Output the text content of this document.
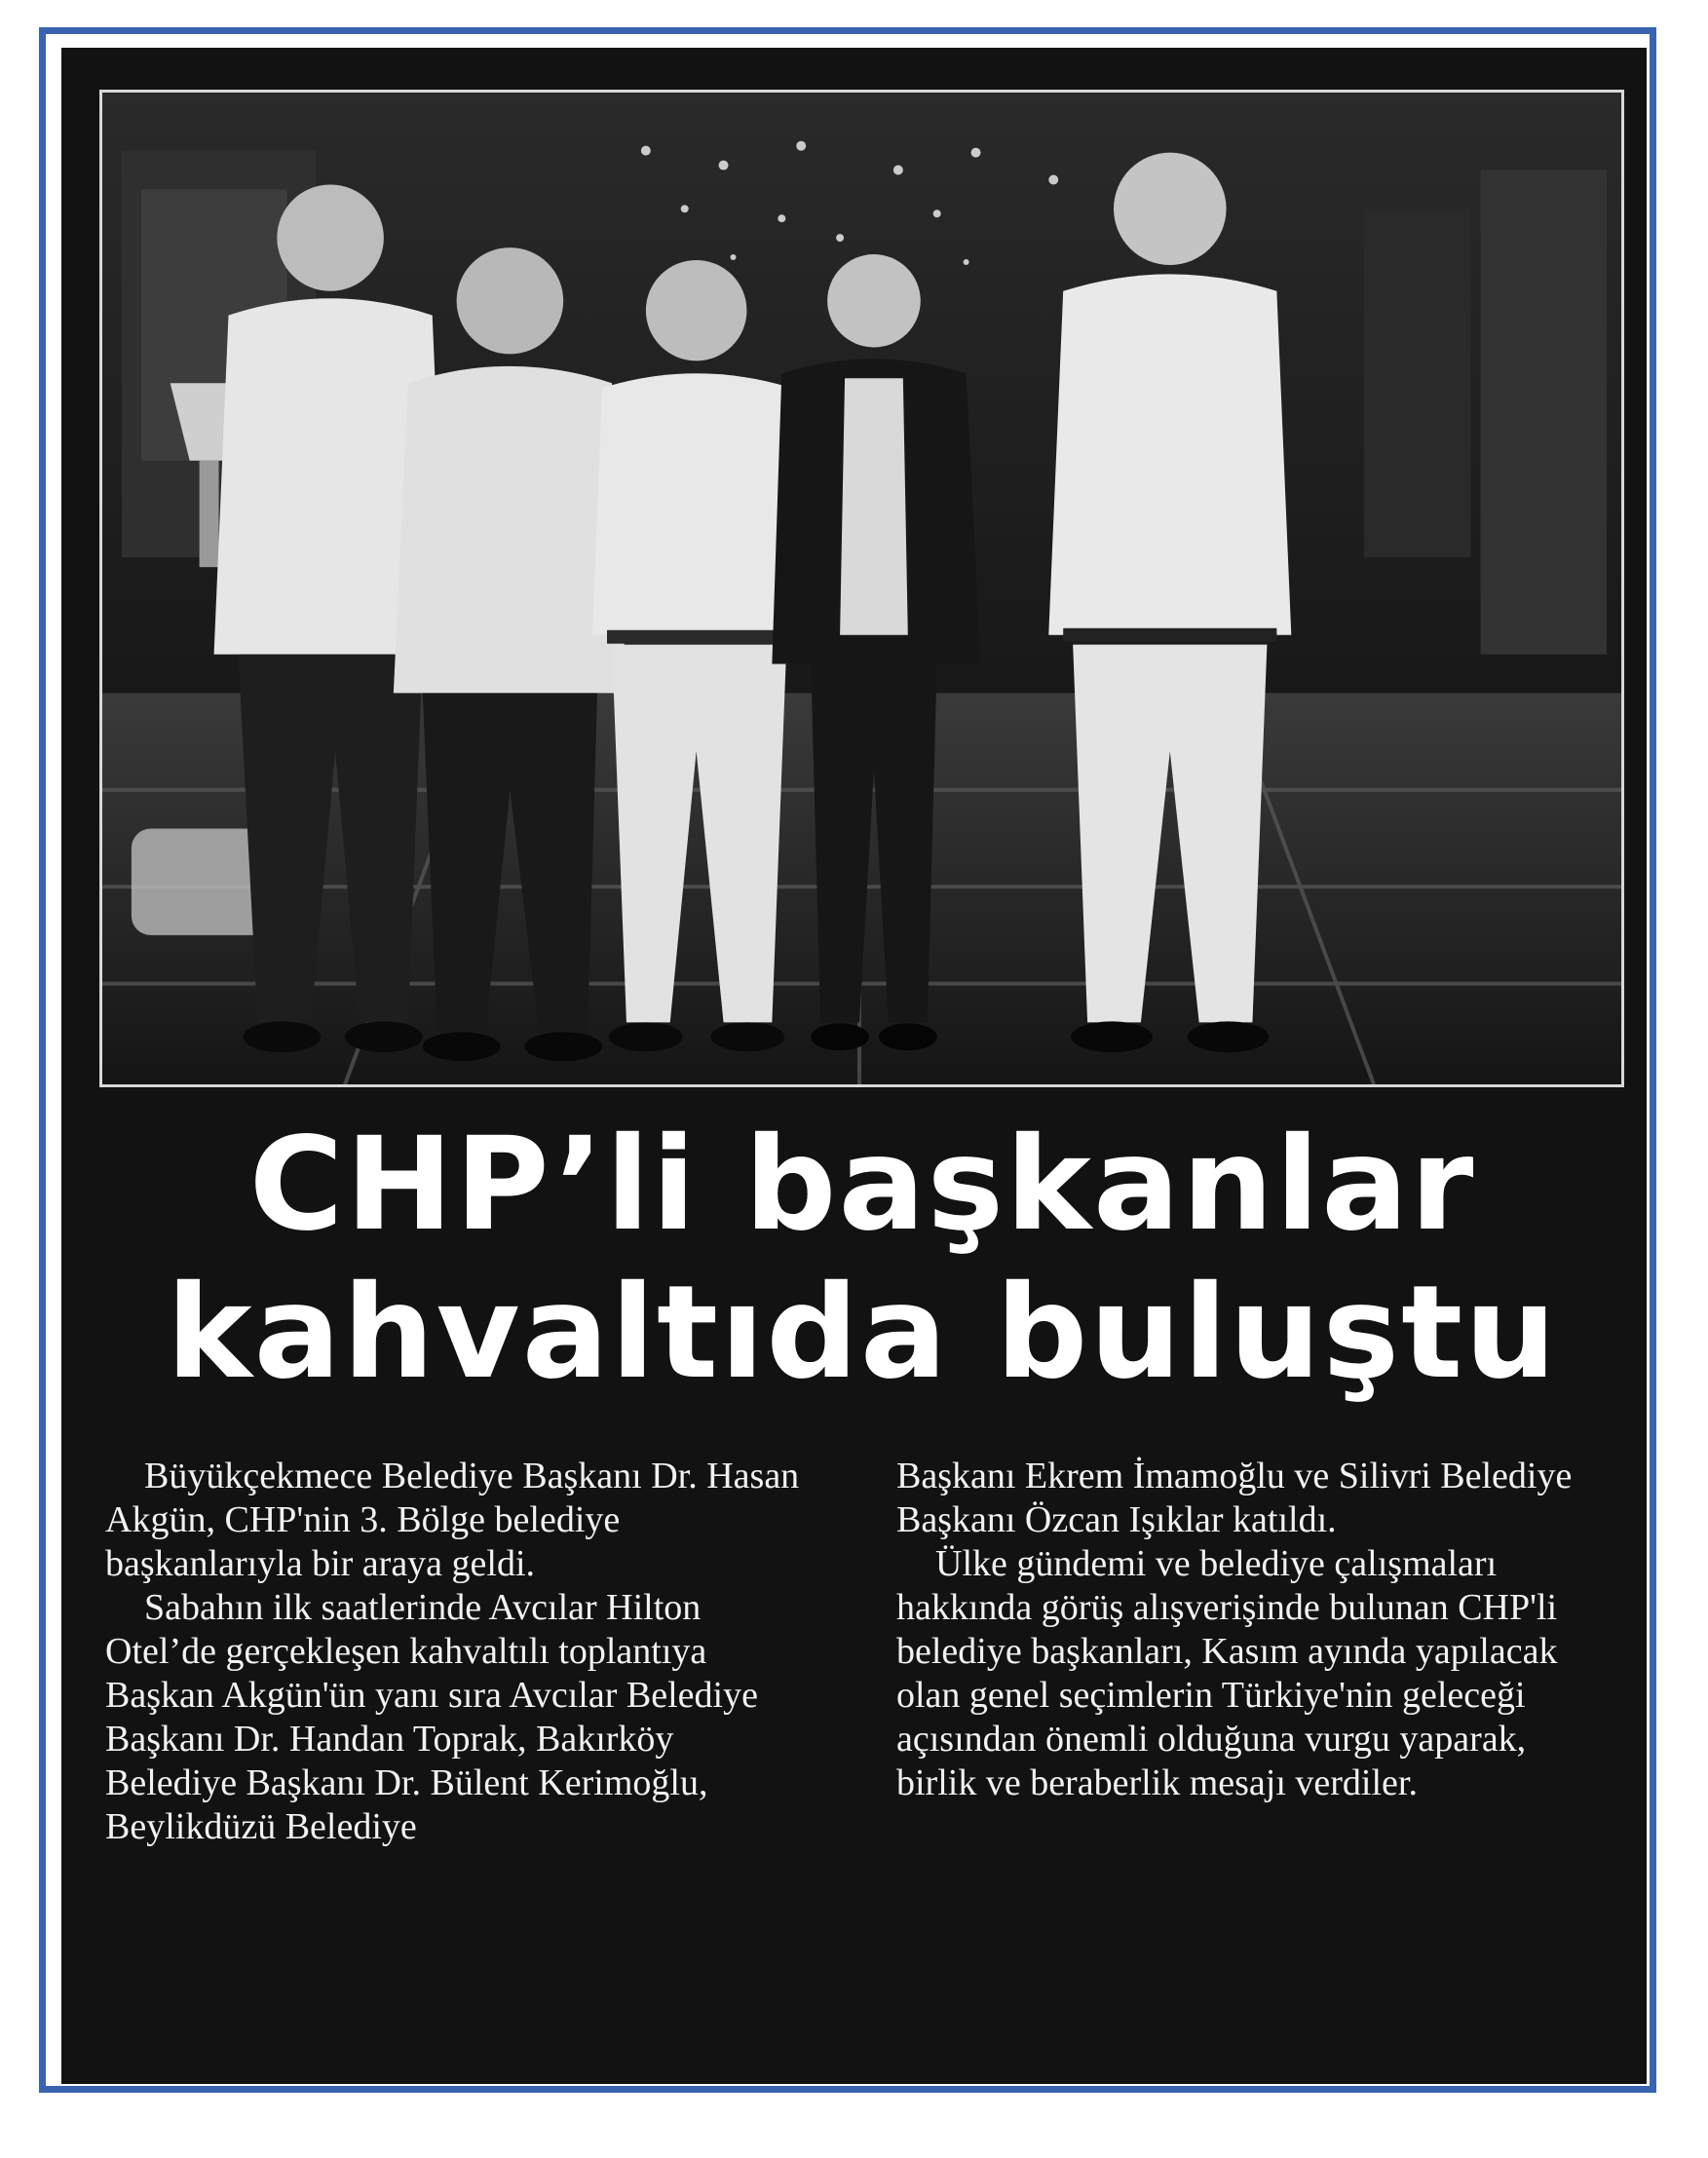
CHP’li başkanlar
kahvaltıda buluştu

Büyükçekmece Belediye Başkanı Dr. Hasan Akgün, CHP'nin 3. Bölge belediye başkanlarıyla bir araya geldi.

Sabahın ilk saatlerinde Avcılar Hilton Otel’de gerçekleşen kahvaltılı toplantıya Başkan Akgün'ün yanı sıra Avcılar Belediye Başkanı Dr. Handan Toprak, Bakırköy Belediye Başkanı Dr. Bülent Kerimoğlu, Beylikdüzü Belediye

Başkanı Ekrem İmamoğlu ve Silivri Belediye Başkanı Özcan Işıklar katıldı.

Ülke gündemi ve belediye çalışmaları hakkında görüş alışverişinde bulunan CHP'li belediye başkanları, Kasım ayında yapılacak olan genel seçimlerin Türkiye'nin geleceği açısından önemli olduğuna vurgu yaparak, birlik ve beraberlik mesajı verdiler.
